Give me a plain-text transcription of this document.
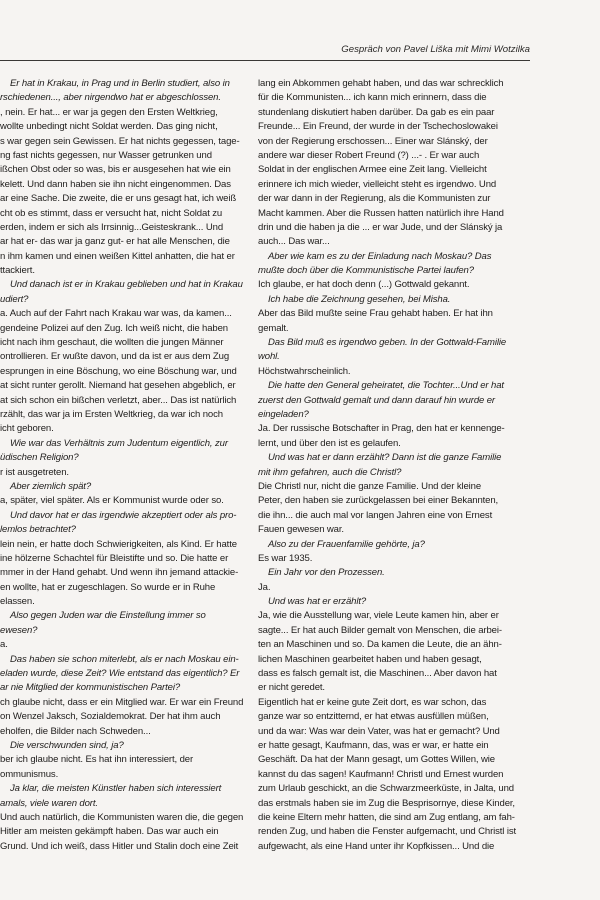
Gespräch von Pavel Liška mit Mimi Wotzilka
Er hat in Krakau, in Prag und in Berlin studiert, also in
rschiedenen..., aber nirgendwo hat er abgeschlossen.
, nein. Er hat... er war ja gegen den Ersten Weltkrieg,
wollte unbedingt nicht Soldat werden. Das ging nicht,
s war gegen sein Gewissen. Er hat nichts gegessen, tage-
ng fast nichts gegessen, nur Wasser getrunken und
ißchen Obst oder so was, bis er ausgesehen hat wie ein
kelett. Und dann haben sie ihn nicht eingenommen. Das
ar eine Sache. Die zweite, die er uns gesagt hat, ich weiß
cht ob es stimmt, dass er versucht hat, nicht Soldat zu
erden, indem er sich als Irrsinnig...Geisteskrank... Und
ar hat er- das war ja ganz gut- er hat alle Menschen, die
n ihm kamen und einen weißen Kittel anhatten, die hat er
ttackiert.
Und danach ist er in Krakau geblieben und hat in Krakau
udiert?
a. Auch auf der Fahrt nach Krakau war was, da kamen...
gendeine Polizei auf den Zug. Ich weiß nicht, die haben
icht nach ihm geschaut, die wollten die jungen Männer
ontrollieren. Er wußte davon, und da ist er aus dem Zug
esprungen in eine Böschung, wo eine Böschung war, und
at sicht runter gerollt. Niemand hat gesehen abgeblich, er
at sich schon ein bißchen verletzt, aber... Das ist natürlich
rzählt, das war ja im Ersten Weltkrieg, da war ich noch
icht geboren.
Wie war das Verhältnis zum Judentum eigentlich, zur
üdischen Religion?
r ist ausgetreten.
Aber ziemlich spät?
a, später, viel später. Als er Kommunist wurde oder so.
Und davor hat er das irgendwie akzeptiert oder als pro-
lemlos betrachtet?
lein nein, er hatte doch Schwierigkeiten, als Kind. Er hatte
ine hölzerne Schachtel für Bleistifte und so. Die hatte er
mmer in der Hand gehabt. Und wenn ihn jemand attackie-
en wollte, hat er zugeschlagen. So wurde er in Ruhe
elassen.
Also gegen Juden war die Einstellung immer so
ewesen?
a.
Das haben sie schon miterlebt, als er nach Moskau ein-
eladen wurde, diese Zeit? Wie entstand das eigentlich? Er
ar nie Mitglied der kommunistischen Partei?
ch glaube nicht, dass er ein Mitglied war. Er war ein Freund
on Wenzel Jaksch, Sozialdemokrat. Der hat ihm auch
eholfen, die Bilder nach Schweden...
Die verschwunden sind, ja?
ber ich glaube nicht. Es hat ihn interessiert, der
ommunismus.
Ja klar, die meisten Künstler haben sich interessiert
amals, viele waren dort.
Und auch natürlich, die Kommunisten waren die, die gegen
Hitler am meisten gekämpft haben. Das war auch ein
Grund. Und ich weiß, dass Hitler und Stalin doch eine Zeit
lang ein Abkommen gehabt haben, und das war schrecklich
für die Kommunisten... ich kann mich erinnern, dass die
stundenlang diskutiert haben darüber. Da gab es ein paar
Freunde... Ein Freund, der wurde in der Tschechoslowakei
von der Regierung erschossen... Einer war Slánský, der
andere war dieser Robert Freund (?) ...- . Er war auch
Soldat in der englischen Armee eine Zeit lang. Vielleicht
erinnere ich mich wieder, vielleicht steht es irgendwo. Und
der war dann in der Regierung, als die Kommunisten zur
Macht kammen. Aber die Russen hatten natürlich ihre Hand
drin und die haben ja die ... er war Jude, und der Slánský ja
auch... Das war...
Aber wie kam es zu der Einladung nach Moskau? Das
mußte doch über die Kommunistische Partei laufen?
Ich glaube, er hat doch denn (...) Gottwald gekannt.
Ich habe die Zeichnung gesehen, bei Misha.
Aber das Bild mußte seine Frau gehabt haben. Er hat ihn
gemalt.
Das Bild muß es irgendwo geben. In der Gottwald-Familie
wohl.
Höchstwahrscheinlich.
Die hatte den General geheiratet, die Tochter...Und er hat
zuerst den Gottwald gemalt und dann darauf hin wurde er
eingeladen?
Ja. Der russische Botschafter in Prag, den hat er kennenge-
lernt, und über den ist es gelaufen.
Und was hat er dann erzählt? Dann ist die ganze Familie
mit ihm gefahren, auch die Christl?
Die Christl nur, nicht die ganze Familie. Und der kleine
Peter, den haben sie zurückgelassen bei einer Bekannten,
die ihn... die auch mal vor langen Jahren eine von Ernest
Fauen gewesen war.
Also zu der Frauenfamilie gehörte, ja?
Es war 1935.
Ein Jahr vor den Prozessen.
Ja.
Und was hat er erzählt?
Ja, wie die Ausstellung war, viele Leute kamen hin, aber er
sagte... Er hat auch Bilder gemalt von Menschen, die arbei-
ten an Maschinen und so. Da kamen die Leute, die an ähn-
lichen Maschinen gearbeitet haben und haben gesagt,
dass es falsch gemalt ist, die Maschinen... Aber davon hat
er nicht geredet.
Eigentlich hat er keine gute Zeit dort, es war schon, das
ganze war so entzitternd, er hat etwas ausfüllen müßen,
und da war: Was war dein Vater, was hat er gemacht? Und
er hatte gesagt, Kaufmann, das, was er war, er hatte ein
Geschäft. Da hat der Mann gesagt, um Gottes Willen, wie
kannst du das sagen! Kaufmann! Christl und Ernest wurden
zum Urlaub geschickt, an die Schwarzmeerküste, in Jalta, und
das erstmals haben sie im Zug die Besprisornye, diese Kinder,
die keine Eltern mehr hatten, die sind am Zug entlang, am fah-
renden Zug, und haben die Fenster aufgemacht, und Christl ist
aufgewacht, als eine Hand unter ihr Kopfkissen... Und die
